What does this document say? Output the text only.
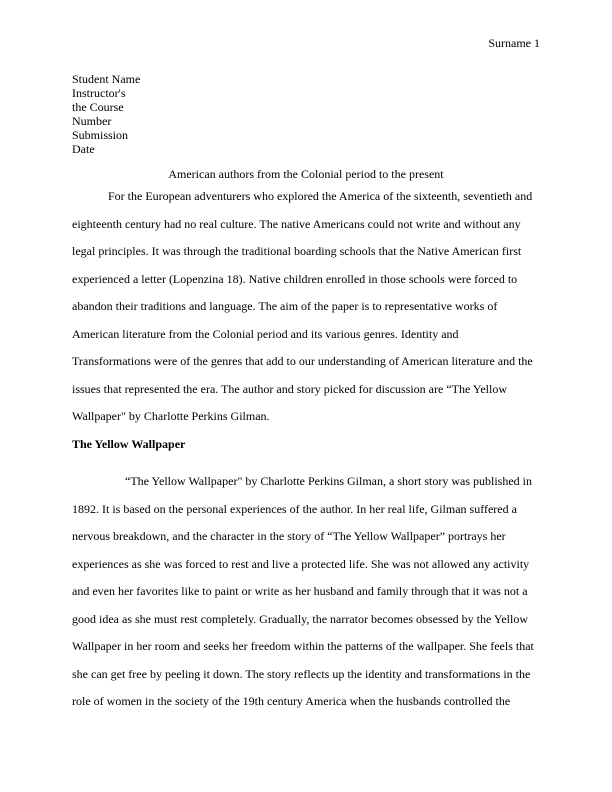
Surname 1
Student Name
Instructor's
the Course
Number
Submission
Date
American authors from the Colonial period to the present

For the European adventurers who explored the America of the sixteenth, seventieth and
eighteenth century had no real culture. The native Americans could not write and without any
legal principles. It was through the traditional boarding schools that the Native American first
experienced a letter (Lopenzina 18). Native children enrolled in those schools were forced to
abandon their traditions and language. The aim of the paper is to representative works of
American literature from the Colonial period and its various genres. Identity and
Transformations were of the genres that add to our understanding of American literature and the
issues that represented the era. The author and story picked for discussion are “The Yellow
Wallpaper" by Charlotte Perkins Gilman.

The Yellow Wallpaper

“The Yellow Wallpaper" by Charlotte Perkins Gilman, a short story was published in
1892. It is based on the personal experiences of the author. In her real life, Gilman suffered a
nervous breakdown, and the character in the story of “The Yellow Wallpaper” portrays her
experiences as she was forced to rest and live a protected life. She was not allowed any activity
and even her favorites like to paint or write as her husband and family through that it was not a
good idea as she must rest completely. Gradually, the narrator becomes obsessed by the Yellow
Wallpaper in her room and seeks her freedom within the patterns of the wallpaper. She feels that
she can get free by peeling it down. The story reflects up the identity and transformations in the
role of women in the society of the 19th century America when the husbands controlled the
